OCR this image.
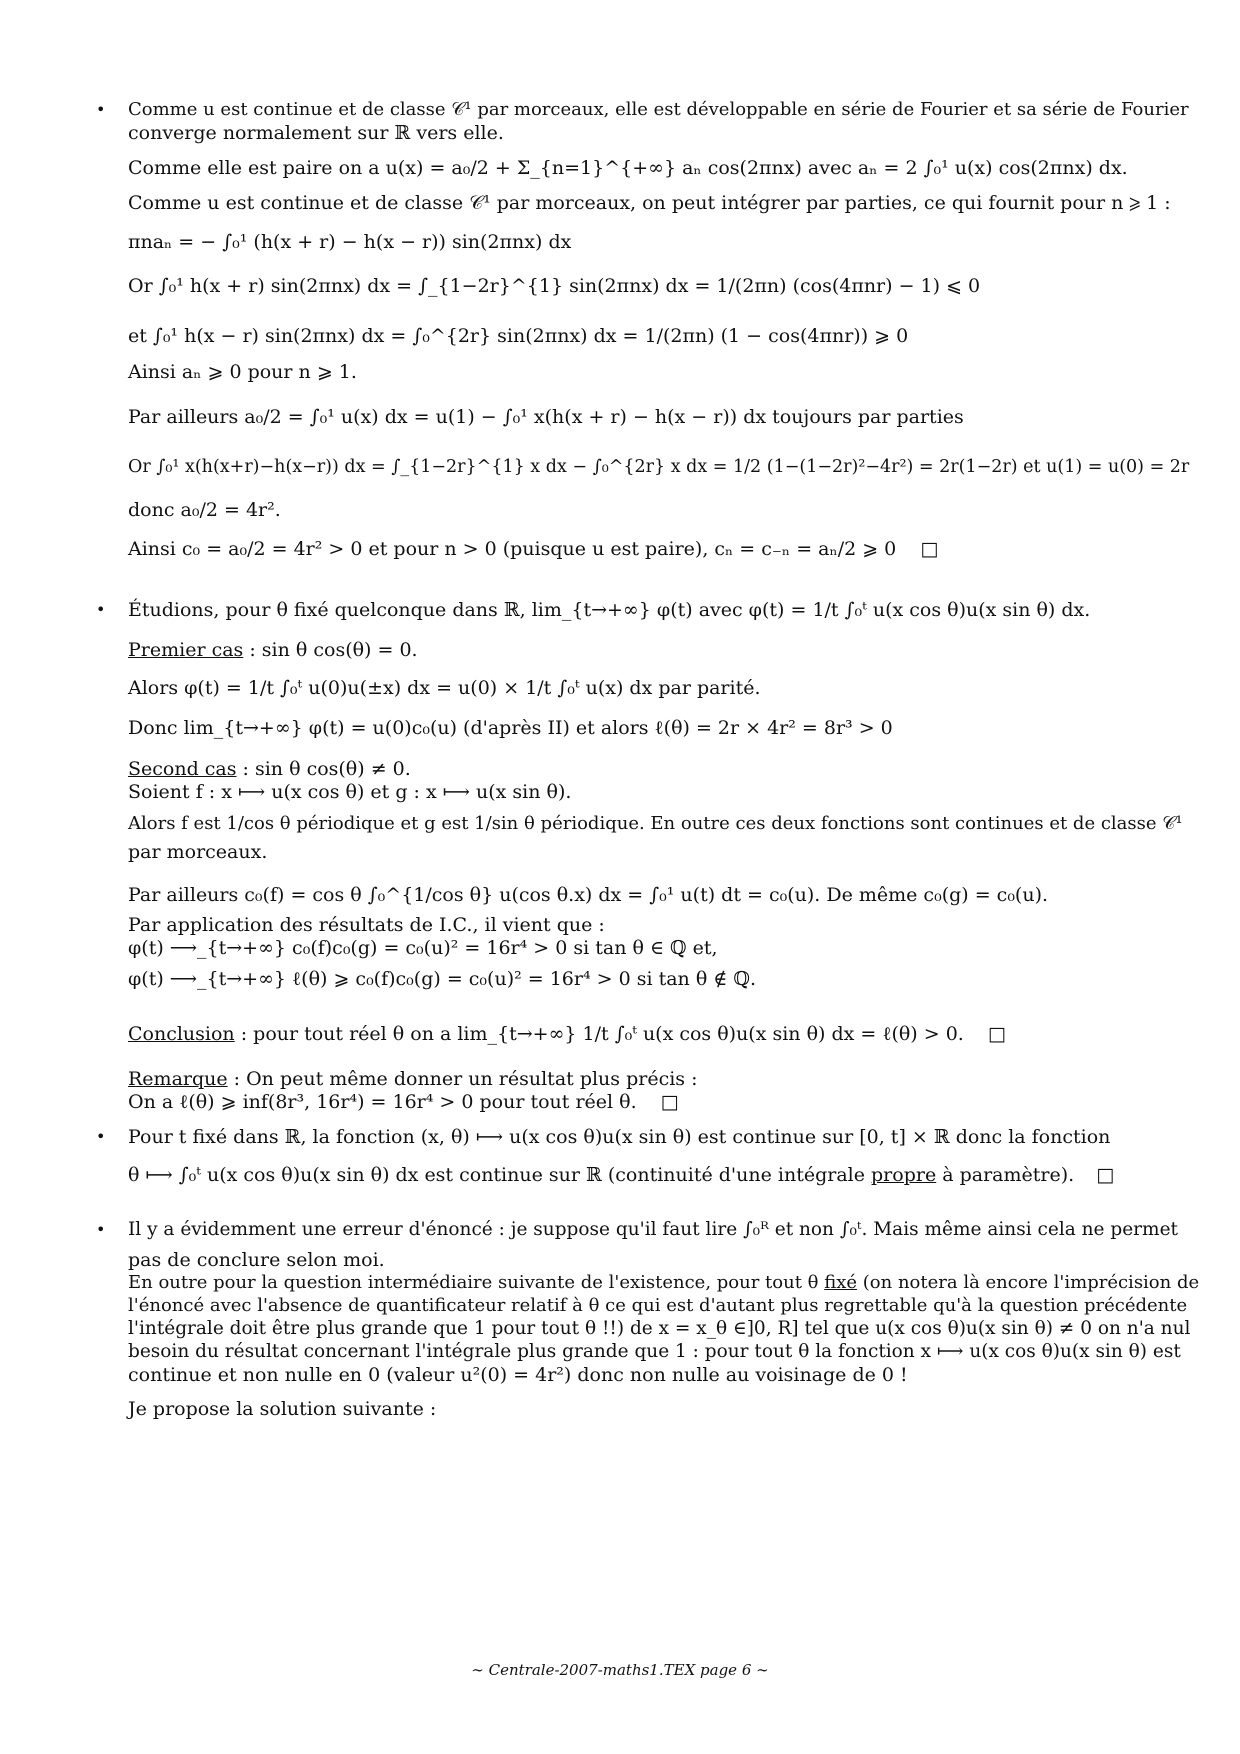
• Comme u est continue et de classe 𝒞¹ par morceaux, elle est développable en série de Fourier et sa série de Fourier
converge normalement sur ℝ vers elle.
Comme elle est paire on a u(x) = a₀/2 + Σ_{n=1}^{+∞} aₙ cos(2πnx) avec aₙ = 2 ∫₀¹ u(x) cos(2πnx) dx.
Comme u est continue et de classe 𝒞¹ par morceaux, on peut intégrer par parties, ce qui fournit pour n ⩾ 1 :
πnaₙ = − ∫₀¹ (h(x + r) − h(x − r)) sin(2πnx) dx
Or ∫₀¹ h(x + r) sin(2πnx) dx = ∫_{1−2r}^{1} sin(2πnx) dx = 1/(2πn) (cos(4πnr) − 1) ⩽ 0
et ∫₀¹ h(x − r) sin(2πnx) dx = ∫₀^{2r} sin(2πnx) dx = 1/(2πn) (1 − cos(4πnr)) ⩾ 0
Ainsi aₙ ⩾ 0 pour n ⩾ 1.
Par ailleurs a₀/2 = ∫₀¹ u(x) dx = u(1) − ∫₀¹ x(h(x + r) − h(x − r)) dx toujours par parties
Or ∫₀¹ x(h(x+r)−h(x−r)) dx = ∫_{1−2r}^{1} x dx − ∫₀^{2r} x dx = 1/2 (1−(1−2r)²−4r²) = 2r(1−2r) et u(1) = u(0) = 2r
donc a₀/2 = 4r².
Ainsi c₀ = a₀/2 = 4r² > 0 et pour n > 0 (puisque u est paire), cₙ = c₋ₙ = aₙ/2 ⩾ 0 □
• Étudions, pour θ fixé quelconque dans ℝ, lim_{t→+∞} φ(t) avec φ(t) = 1/t ∫₀ᵗ u(x cos θ)u(x sin θ) dx.
Premier cas : sin θ cos(θ) = 0.
Alors φ(t) = 1/t ∫₀ᵗ u(0)u(±x) dx = u(0) × 1/t ∫₀ᵗ u(x) dx par parité.
Donc lim_{t→+∞} φ(t) = u(0)c₀(u) (d'après II) et alors ℓ(θ) = 2r × 4r² = 8r³ > 0
Second cas : sin θ cos(θ) ≠ 0.
Soient f : x ⟼ u(x cos θ) et g : x ⟼ u(x sin θ).
Alors f est 1/cos θ périodique et g est 1/sin θ périodique. En outre ces deux fonctions sont continues et de classe 𝒞¹
par morceaux.
Par ailleurs c₀(f) = cos θ ∫₀^{1/cos θ} u(cos θ.x) dx = ∫₀¹ u(t) dt = c₀(u). De même c₀(g) = c₀(u).
Par application des résultats de I.C., il vient que :
φ(t) ⟶_{t→+∞} c₀(f)c₀(g) = c₀(u)² = 16r⁴ > 0 si tan θ ∈ ℚ et,
φ(t) ⟶_{t→+∞} ℓ(θ) ⩾ c₀(f)c₀(g) = c₀(u)² = 16r⁴ > 0 si tan θ ∉ ℚ.
Conclusion : pour tout réel θ on a lim_{t→+∞} 1/t ∫₀ᵗ u(x cos θ)u(x sin θ) dx = ℓ(θ) > 0. □
Remarque : On peut même donner un résultat plus précis :
On a ℓ(θ) ⩾ inf(8r³, 16r⁴) = 16r⁴ > 0 pour tout réel θ. □
• Pour t fixé dans ℝ, la fonction (x, θ) ⟼ u(x cos θ)u(x sin θ) est continue sur [0, t] × ℝ donc la fonction
θ ⟼ ∫₀ᵗ u(x cos θ)u(x sin θ) dx est continue sur ℝ (continuité d'une intégrale propre à paramètre). □
• Il y a évidemment une erreur d'énoncé : je suppose qu'il faut lire ∫₀ᴿ et non ∫₀ᵗ. Mais même ainsi cela ne permet
pas de conclure selon moi.
En outre pour la question intermédiaire suivante de l'existence, pour tout θ fixé (on notera là encore l'imprécision de
l'énoncé avec l'absence de quantificateur relatif à θ ce qui est d'autant plus regrettable qu'à la question précédente
l'intégrale doit être plus grande que 1 pour tout θ !!) de x = x_θ ∈]0, R] tel que u(x cos θ)u(x sin θ) ≠ 0 on n'a nul
besoin du résultat concernant l'intégrale plus grande que 1 : pour tout θ la fonction x ⟼ u(x cos θ)u(x sin θ) est
continue et non nulle en 0 (valeur u²(0) = 4r²) donc non nulle au voisinage de 0 !
Je propose la solution suivante :
∼ Centrale-2007-maths1.TEX page 6 ∼
